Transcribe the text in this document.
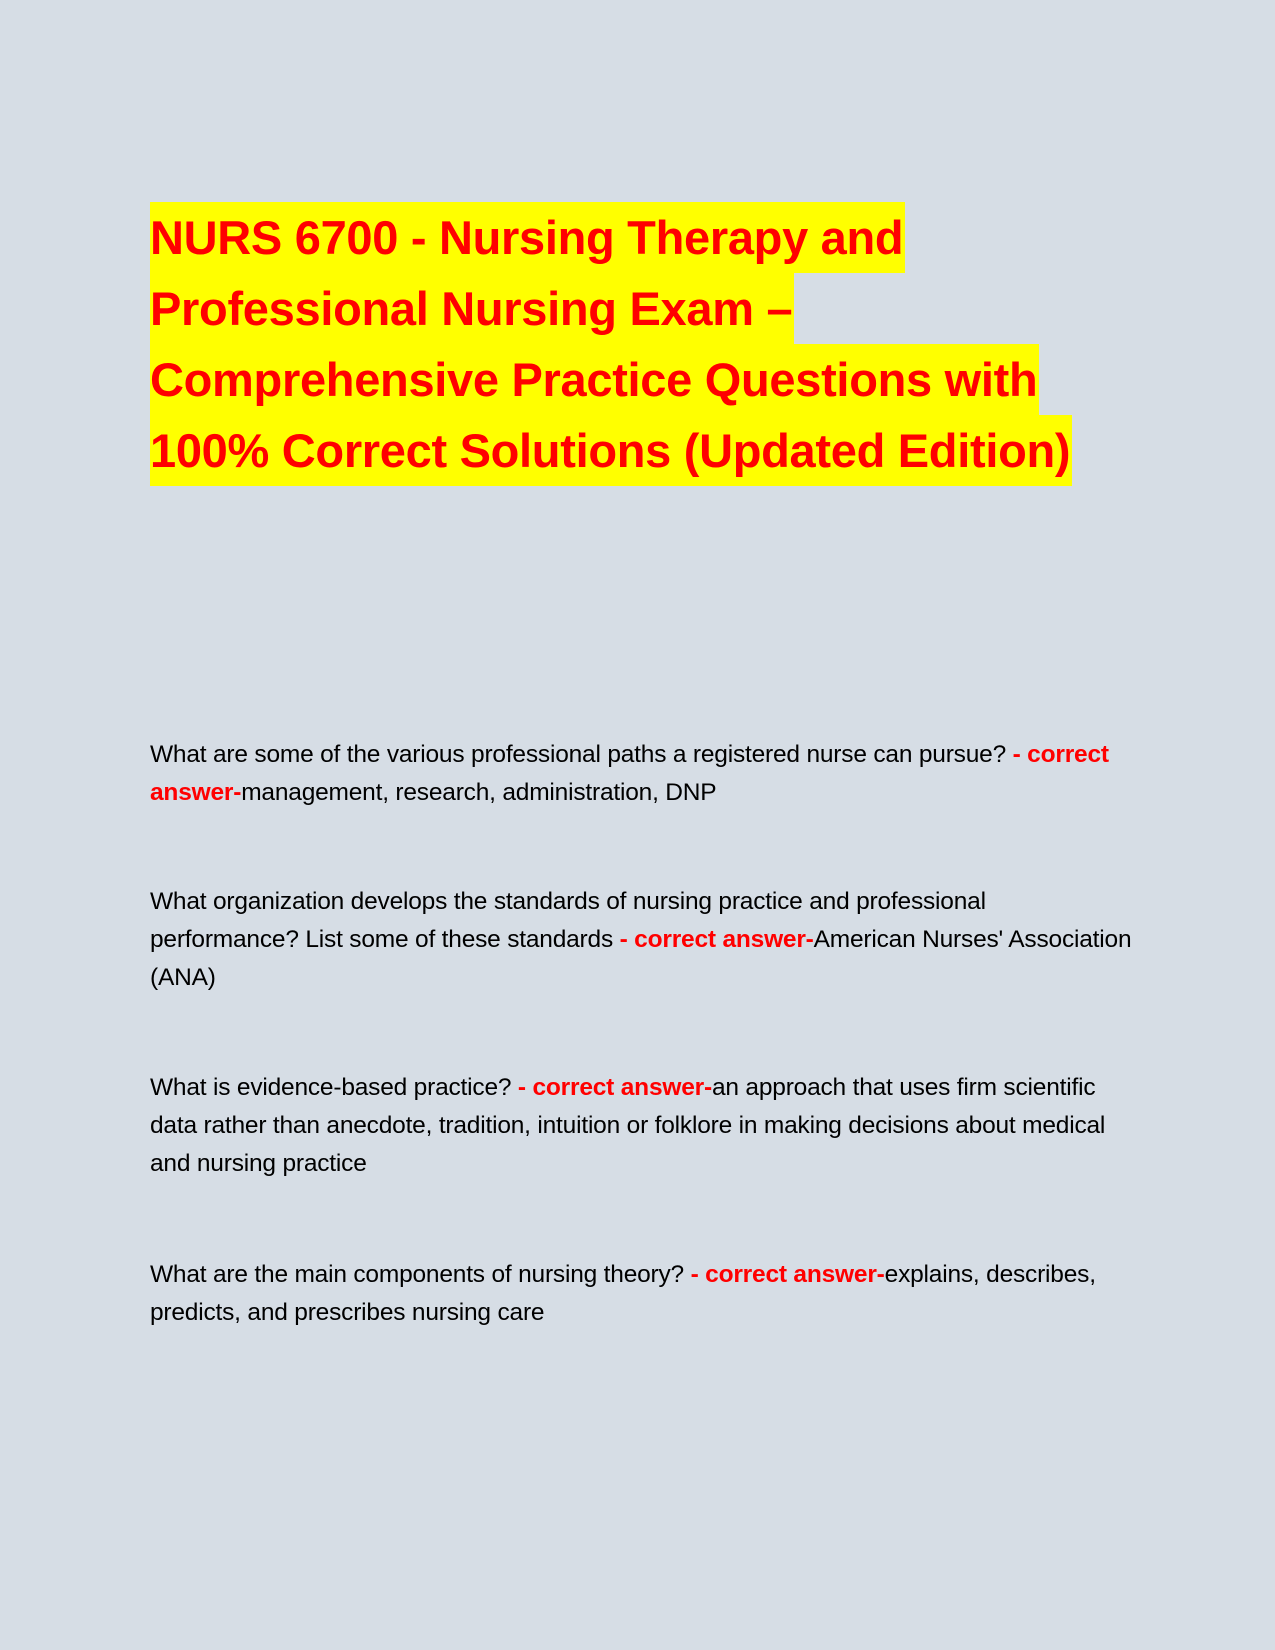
NURS 6700 - Nursing Therapy and
Professional Nursing Exam –
Comprehensive Practice Questions with
100% Correct Solutions (Updated Edition)
What are some of the various professional paths a registered nurse can pursue? - correct answer-management, research, administration, DNP
What organization develops the standards of nursing practice and professional performance? List some of these standards - correct answer-American Nurses' Association (ANA)
What is evidence-based practice? - correct answer-an approach that uses firm scientific data rather than anecdote, tradition, intuition or folklore in making decisions about medical and nursing practice
What are the main components of nursing theory? - correct answer-explains, describes, predicts, and prescribes nursing care
